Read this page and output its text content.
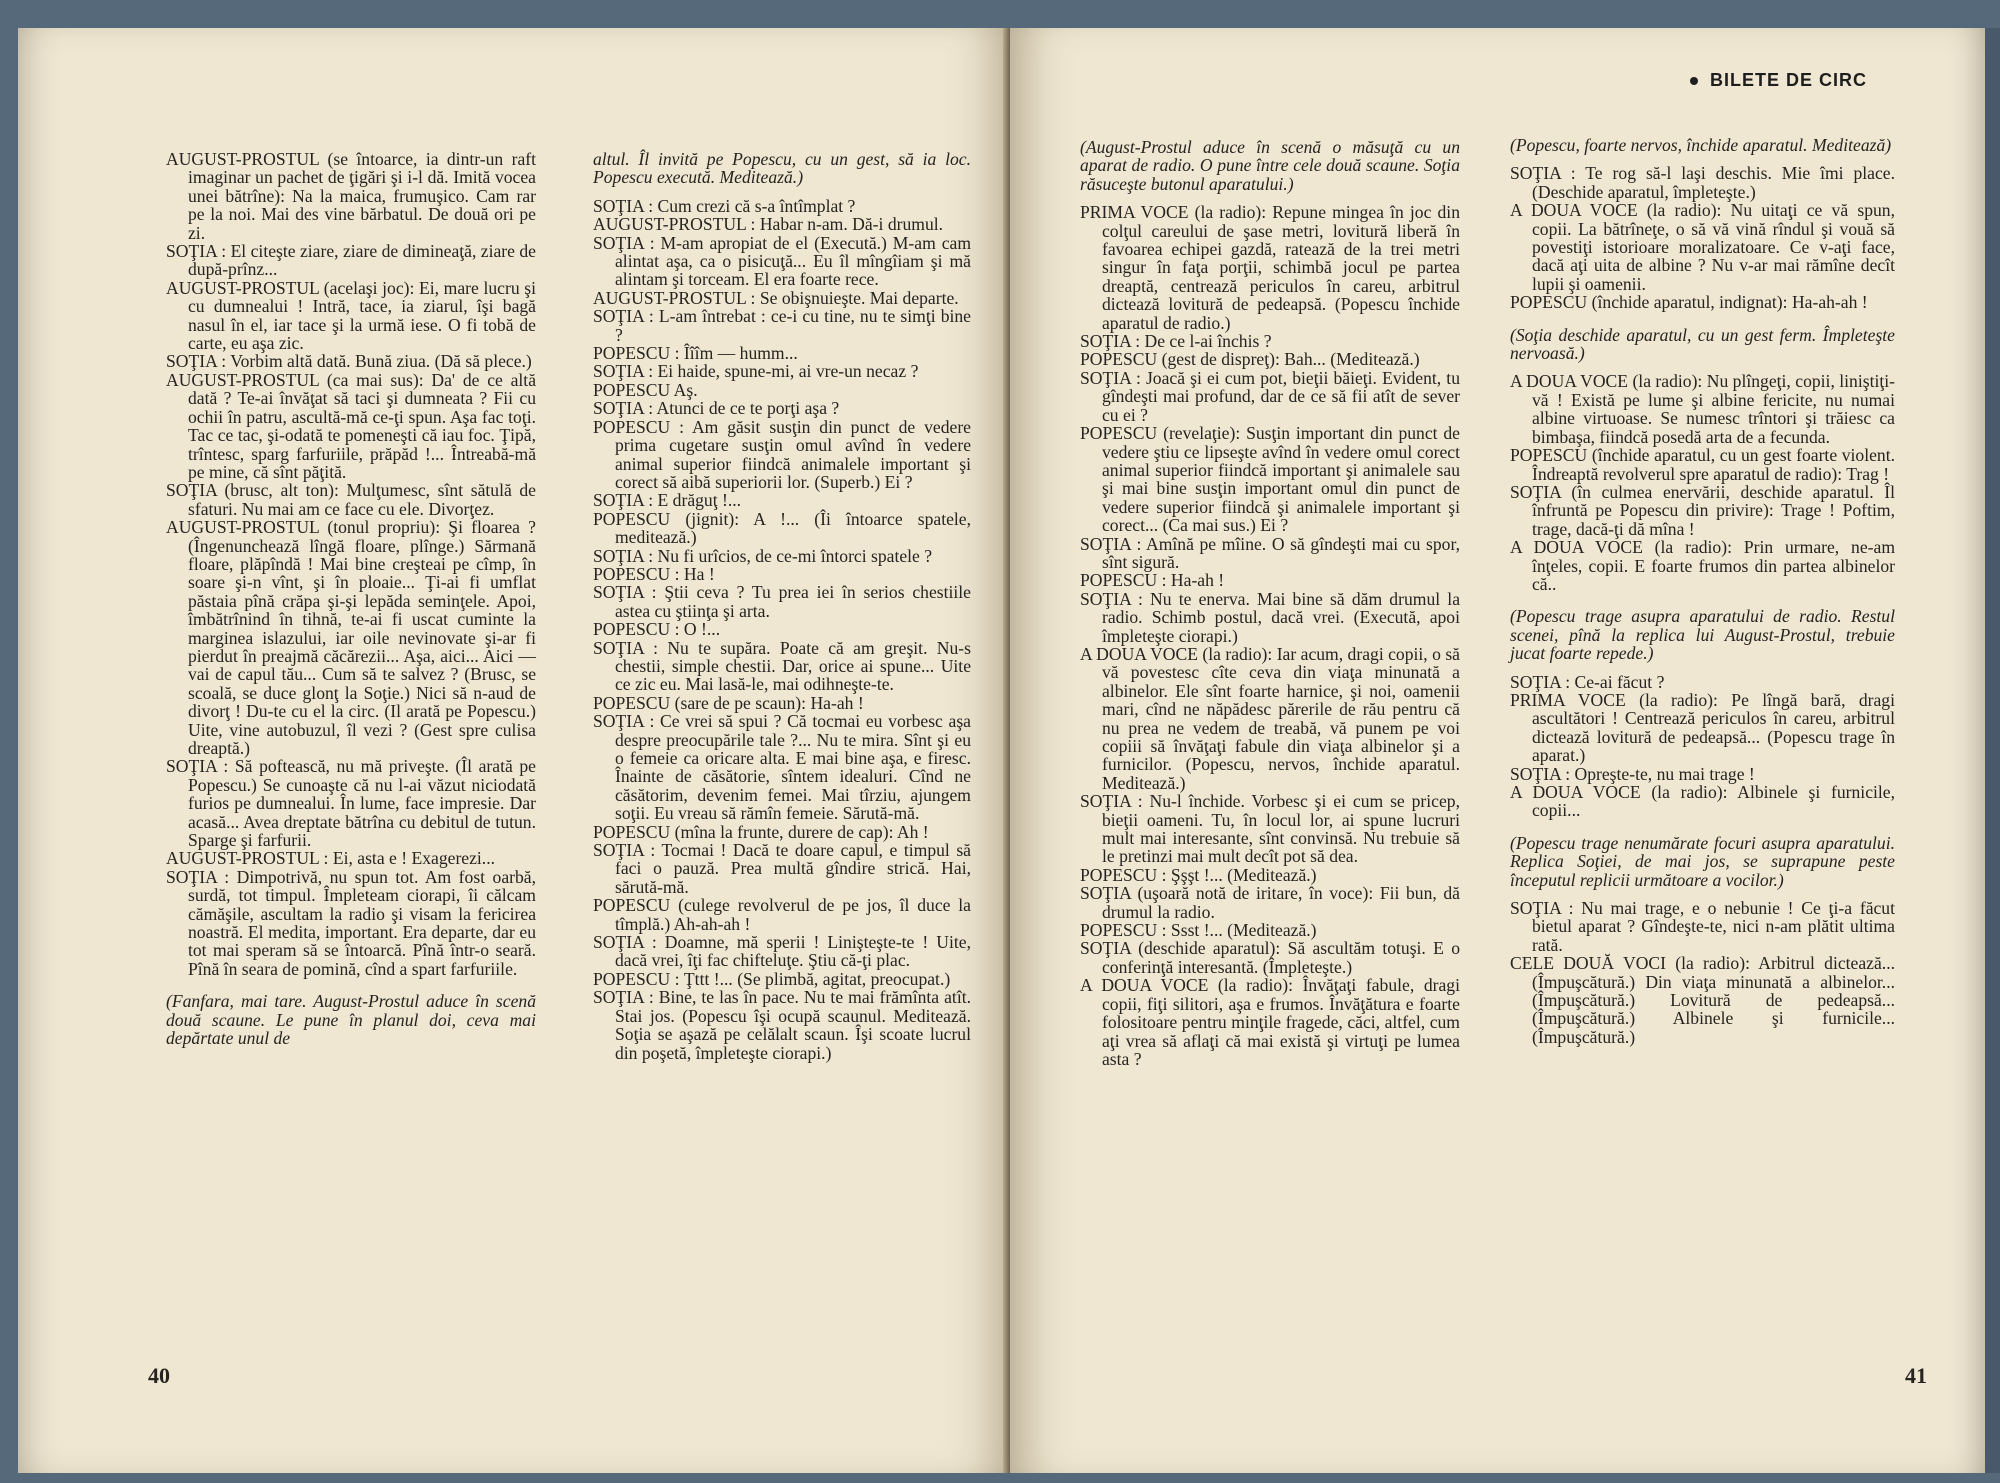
AUGUST-PROSTUL (se întoarce, ia dintr-un raft imaginar un pachet de ţigări şi i-l dă. Imită vocea unei bătrîne): Na la maica, frumuşico. Cam rar pe la noi. Mai des vine bărbatul. De două ori pe zi.
SOŢIA : El citeşte ziare, ziare de dimineaţă, ziare de după-prînz...
AUGUST-PROSTUL (acelaşi joc): Ei, mare lucru şi cu dumnealui ! Intră, tace, ia ziarul, îşi bagă nasul în el, iar tace şi la urmă iese. O fi tobă de carte, eu aşa zic.
SOŢIA : Vorbim altă dată. Bună ziua. (Dă să plece.)
AUGUST-PROSTUL (ca mai sus): Da' de ce altă dată ? Te-ai învăţat să taci şi dumneata ? Fii cu ochii în patru, ascultă-mă ce-ţi spun. Aşa fac toţi. Tac ce tac, şi-odată te pomeneşti că iau foc. Ţipă, trîntesc, sparg farfuriile, prăpăd !... Întreabă-mă pe mine, că sînt păţită.
SOŢIA (brusc, alt ton): Mulţumesc, sînt sătulă de sfaturi. Nu mai am ce face cu ele. Divorţez.
AUGUST-PROSTUL (tonul propriu): Şi floarea ? (Îngenunchează lîngă floare, plînge.) Sărmană floare, plăpîndă ! Mai bine creşteai pe cîmp, în soare şi-n vînt, şi în ploaie... Ţi-ai fi umflat păstaia pînă crăpa şi-şi lepăda seminţele. Apoi, îmbătrînind în tihnă, te-ai fi uscat cuminte la marginea islazului, iar oile nevinovate şi-ar fi pierdut în preajmă căcărezii... Aşa, aici... Aici — vai de capul tău... Cum să te salvez ? (Brusc, se scoală, se duce glonţ la Soţie.) Nici să n-aud de divorţ ! Du-te cu el la circ. (Il arată pe Popescu.) Uite, vine autobuzul, îl vezi ? (Gest spre culisa dreaptă.)
SOŢIA : Să poftească, nu mă priveşte. (Îl arată pe Popescu.) Se cunoaşte că nu l-ai văzut niciodată furios pe dumnealui. În lume, face impresie. Dar acasă... Avea dreptate bătrîna cu debitul de tutun. Sparge şi farfurii.
AUGUST-PROSTUL : Ei, asta e ! Exagerezi...
SOŢIA : Dimpotrivă, nu spun tot. Am fost oarbă, surdă, tot timpul. Împleteam ciorapi, îi călcam cămăşile, ascultam la radio şi visam la fericirea noastră. El medita, important. Era departe, dar eu tot mai speram să se întoarcă. Pînă într-o seară. Pînă în seara de pomină, cînd a spart farfuriile.
(Fanfara, mai tare. August-Prostul aduce în scenă două scaune. Le pune în planul doi, ceva mai depărtate unul de
altul. Îl invită pe Popescu, cu un gest, să ia loc. Popescu execută. Meditează.)
SOŢIA : Cum crezi că s-a întîmplat ?
AUGUST-PROSTUL : Habar n-am. Dă-i drumul.
SOŢIA : M-am apropiat de el (Execută.) M-am cam alintat aşa, ca o pisicuţă... Eu îl mîngîiam şi mă alintam şi torceam. El era foarte rece.
AUGUST-PROSTUL : Se obişnuieşte. Mai departe.
SOŢIA : L-am întrebat : ce-i cu tine, nu te simţi bine ?
POPESCU : Îîîm — humm...
SOŢIA : Ei haide, spune-mi, ai vre-un necaz ?
POPESCU Aş.
SOŢIA : Atunci de ce te porţi aşa ?
POPESCU : Am găsit susţin din punct de vedere prima cugetare susţin omul avînd în vedere animal superior fiindcă animalele important şi corect să aibă superiorii lor. (Superb.) Ei ?
SOŢIA : E drăguţ !...
POPESCU (jignit): A !... (Îi întoarce spatele, meditează.)
SOŢIA : Nu fi urîcios, de ce-mi întorci spatele ?
POPESCU : Ha !
SOŢIA : Ştii ceva ? Tu prea iei în serios chestiile astea cu ştiinţa şi arta.
POPESCU : O !...
SOŢIA : Nu te supăra. Poate că am greşit. Nu-s chestii, simple chestii. Dar, orice ai spune... Uite ce zic eu. Mai lasă-le, mai odihneşte-te.
POPESCU (sare de pe scaun): Ha-ah !
SOŢIA : Ce vrei să spui ? Că tocmai eu vorbesc aşa despre preocupările tale ?... Nu te mira. Sînt şi eu o femeie ca oricare alta. E mai bine aşa, e firesc. Înainte de căsătorie, sîntem idealuri. Cînd ne căsătorim, devenim femei. Mai tîrziu, ajungem soţii. Eu vreau să rămîn femeie. Sărută-mă.
POPESCU (mîna la frunte, durere de cap): Ah !
SOŢIA : Tocmai ! Dacă te doare capul, e timpul să faci o pauză. Prea multă gîndire strică. Hai, sărută-mă.
POPESCU (culege revolverul de pe jos, îl duce la tîmplă.) Ah-ah-ah !
SOŢIA : Doamne, mă sperii ! Linişteşte-te ! Uite, dacă vrei, îţi fac chifteluţe. Ştiu că-ţi plac.
POPESCU : Ţttt !... (Se plimbă, agitat, preocupat.)
SOŢIA : Bine, te las în pace. Nu te mai frămînta atît. Stai jos. (Popescu îşi ocupă scaunul. Meditează. Soţia se aşază pe celălalt scaun. Îşi scoate lucrul din poşetă, împleteşte ciorapi.)
40
BILETE DE CIRC
(August-Prostul aduce în scenă o măsuţă cu un aparat de radio. O pune între cele două scaune. Soţia răsuceşte butonul aparatului.)
PRIMA VOCE (la radio): Repune mingea în joc din colţul careului de şase metri, lovitură liberă în favoarea echipei gazdă, ratează de la trei metri singur în faţa porţii, schimbă jocul pe partea dreaptă, centrează periculos în careu, arbitrul dictează lovitură de pedeapsă. (Popescu închide aparatul de radio.)
SOŢIA : De ce l-ai închis ?
POPESCU (gest de dispreţ): Bah... (Meditează.)
SOŢIA : Joacă şi ei cum pot, bieţii băieţi. Evident, tu gîndeşti mai profund, dar de ce să fii atît de sever cu ei ?
POPESCU (revelaţie): Susţin important din punct de vedere ştiu ce lipseşte avînd în vedere omul corect animal superior fiindcă important şi animalele sau şi mai bine susţin important omul din punct de vedere superior fiindcă şi animalele important şi corect... (Ca mai sus.) Ei ?
SOŢIA : Amînă pe mîine. O să gîndeşti mai cu spor, sînt sigură.
POPESCU : Ha-ah !
SOŢIA : Nu te enerva. Mai bine să dăm drumul la radio. Schimb postul, dacă vrei. (Execută, apoi împleteşte ciorapi.)
A DOUA VOCE (la radio): Iar acum, dragi copii, o să vă povestesc cîte ceva din viaţa minunată a albinelor. Ele sînt foarte harnice, şi noi, oamenii mari, cînd ne năpădesc părerile de rău pentru că nu prea ne vedem de treabă, vă punem pe voi copiii să învăţaţi fabule din viaţa albinelor şi a furnicilor. (Popescu, nervos, închide aparatul. Meditează.)
SOŢIA : Nu-l închide. Vorbesc şi ei cum se pricep, bieţii oameni. Tu, în locul lor, ai spune lucruri mult mai interesante, sînt convinsă. Nu trebuie să le pretinzi mai mult decît pot să dea.
POPESCU : Şşşt !... (Meditează.)
SOŢIA (uşoară notă de iritare, în voce): Fii bun, dă drumul la radio.
POPESCU : Ssst !... (Meditează.)
SOŢIA (deschide aparatul): Să ascultăm totuşi. E o conferinţă interesantă. (Împleteşte.)
A DOUA VOCE (la radio): Învăţaţi fabule, dragi copii, fiţi silitori, aşa e frumos. Învăţătura e foarte folositoare pentru minţile fragede, căci, altfel, cum aţi vrea să aflaţi că mai există şi virtuţi pe lumea asta ?
(Popescu, foarte nervos, închide aparatul. Meditează)
SOŢIA : Te rog să-l laşi deschis. Mie îmi place. (Deschide aparatul, împleteşte.)
A DOUA VOCE (la radio): Nu uitaţi ce vă spun, copii. La bătrîneţe, o să vă vină rîndul şi vouă să povestiţi istorioare moralizatoare. Ce v-aţi face, dacă aţi uita de albine ? Nu v-ar mai rămîne decît lupii şi oamenii.
POPESCU (închide aparatul, indignat): Ha-ah-ah !
(Soţia deschide aparatul, cu un gest ferm. Împleteşte nervoasă.)
A DOUA VOCE (la radio): Nu plîngeţi, copii, liniştiţi-vă ! Există pe lume şi albine fericite, nu numai albine virtuoase. Se numesc trîntori şi trăiesc ca bimbaşa, fiindcă posedă arta de a fecunda.
POPESCU (închide aparatul, cu un gest foarte violent. Îndreaptă revolverul spre aparatul de radio): Trag !
SOŢIA (în culmea enervării, deschide aparatul. Îl înfruntă pe Popescu din privire): Trage ! Poftim, trage, dacă-ţi dă mîna !
A DOUA VOCE (la radio): Prin urmare, ne-am înţeles, copii. E foarte frumos din partea albinelor că..
(Popescu trage asupra aparatului de radio. Restul scenei, pînă la replica lui August-Prostul, trebuie jucat foarte repede.)
SOŢIA : Ce-ai făcut ?
PRIMA VOCE (la radio): Pe lîngă bară, dragi ascultători ! Centrează periculos în careu, arbitrul dictează lovitură de pedeapsă... (Popescu trage în aparat.)
SOŢIA : Opreşte-te, nu mai trage !
A DOUA VOCE (la radio): Albinele şi furnicile, copii...
(Popescu trage nenumărate focuri asupra aparatului. Replica Soţiei, de mai jos, se suprapune peste începutul replicii următoare a vocilor.)
SOŢIA : Nu mai trage, e o nebunie ! Ce ţi-a făcut bietul aparat ? Gîndeşte-te, nici n-am plătit ultima rată.
CELE DOUĂ VOCI (la radio): Arbitrul dictează... (Împuşcătură.) Din viaţa minunată a albinelor... (Împuşcătură.) Lovitură de pedeapsă... (Împuşcătură.) Albinele şi furnicile... (Împuşcătură.)
41
